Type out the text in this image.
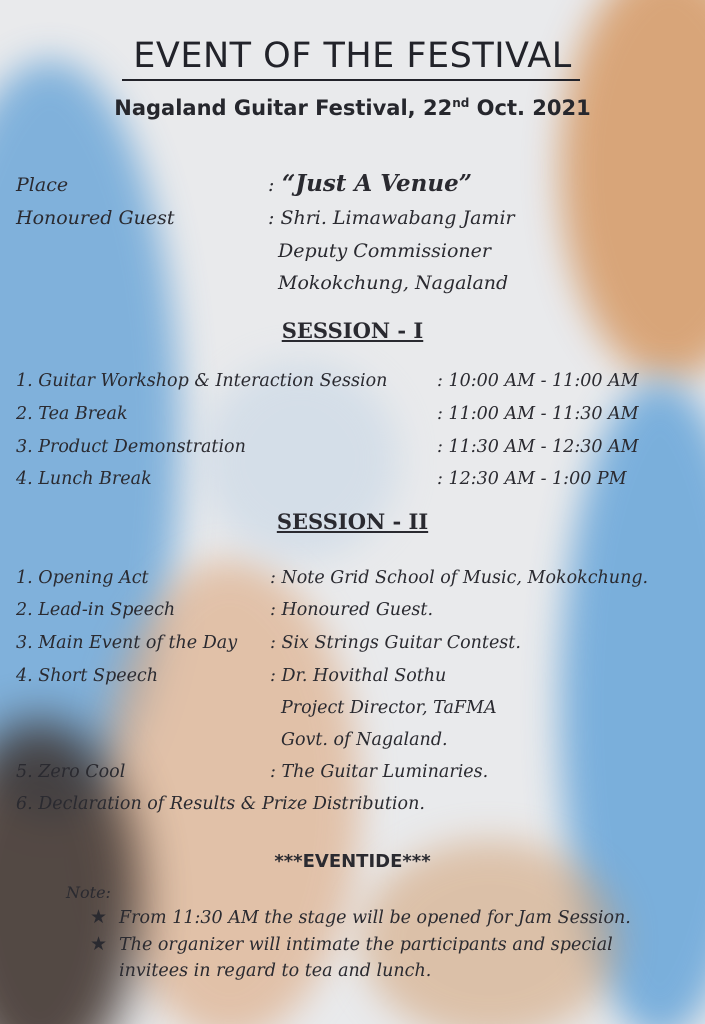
EVENT OF THE FESTIVAL
Nagaland Guitar Festival, 22nd Oct. 2021
Place	: “Just A Venue”
Honoured Guest	: Shri. Limawabang Jamir
Deputy Commissioner
Mokokchung, Nagaland
SESSION - I
1. Guitar Workshop & Interaction Session	: 10:00 AM - 11:00 AM
2. Tea Break	: 11:00 AM - 11:30 AM
3. Product Demonstration	: 11:30 AM - 12:30 AM
4. Lunch Break	: 12:30 AM - 1:00 PM
SESSION - II
1. Opening Act	: Note Grid School of Music, Mokokchung.
2. Lead-in Speech	: Honoured Guest.
3. Main Event of the Day : Six Strings Guitar Contest.
4. Short Speech	: Dr. Hovithal Sothu
Project Director, TaFMA
Govt. of Nagaland.
5. Zero Cool	: The Guitar Luminaries.
6. Declaration of Results & Prize Distribution.
***EVENTIDE***
Note:
★ From 11:30 AM the stage will be opened for Jam Session.
★ The organizer will intimate the participants and special
invitees in regard to tea and lunch.
